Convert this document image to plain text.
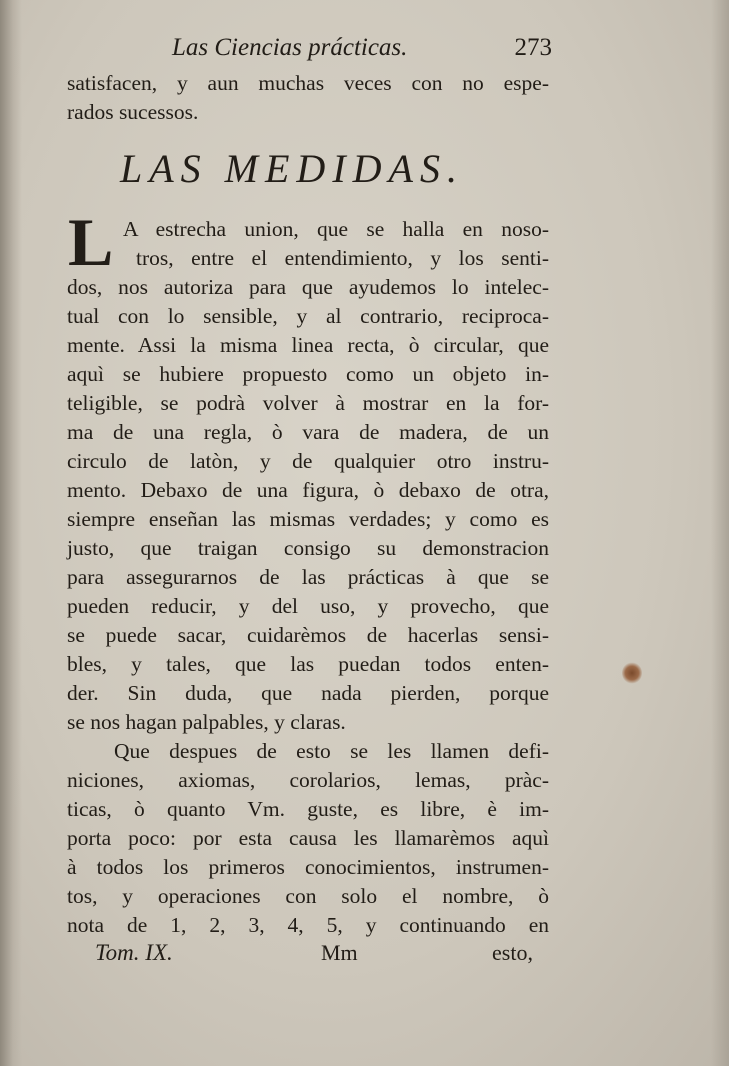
Las Ciencias prácticas.	273
satisfacen, y aun muchas veces con no espe-
rados sucessos.
LAS MEDIDAS.
L A estrecha union, que se halla en noso-
tros, entre el entendimiento, y los senti-
dos, nos autoriza para que ayudemos lo intelec-
tual con lo sensible, y al contrario, reciproca-
mente. Assi la misma linea recta, ò circular, que
aquì se hubiere propuesto como un objeto in-
teligible, se podrà volver à mostrar en la for-
ma de una regla, ò vara de madera, de un
circulo de latòn, y de qualquier otro instru-
mento. Debaxo de una figura, ò debaxo de otra,
siempre enseñan las mismas verdades; y como es
justo, que traigan consigo su demonstracion
para assegurarnos de las prácticas à que se
pueden reducir, y del uso, y provecho, que
se puede sacar, cuidarèmos de hacerlas sensi-
bles, y tales, que las puedan todos enten-
der. Sin duda, que nada pierden, porque
se nos hagan palpables, y claras.
Que despues de esto se les llamen defi-
niciones, axiomas, corolarios, lemas, pràc-
ticas, ò quanto Vm. guste, es libre, è im-
porta poco: por esta causa les llamarèmos aquì
à todos los primeros conocimientos, instrumen-
tos, y operaciones con solo el nombre, ò
nota de 1, 2, 3, 4, 5, y continuando en
Tom. IX.	Mm	esto,
